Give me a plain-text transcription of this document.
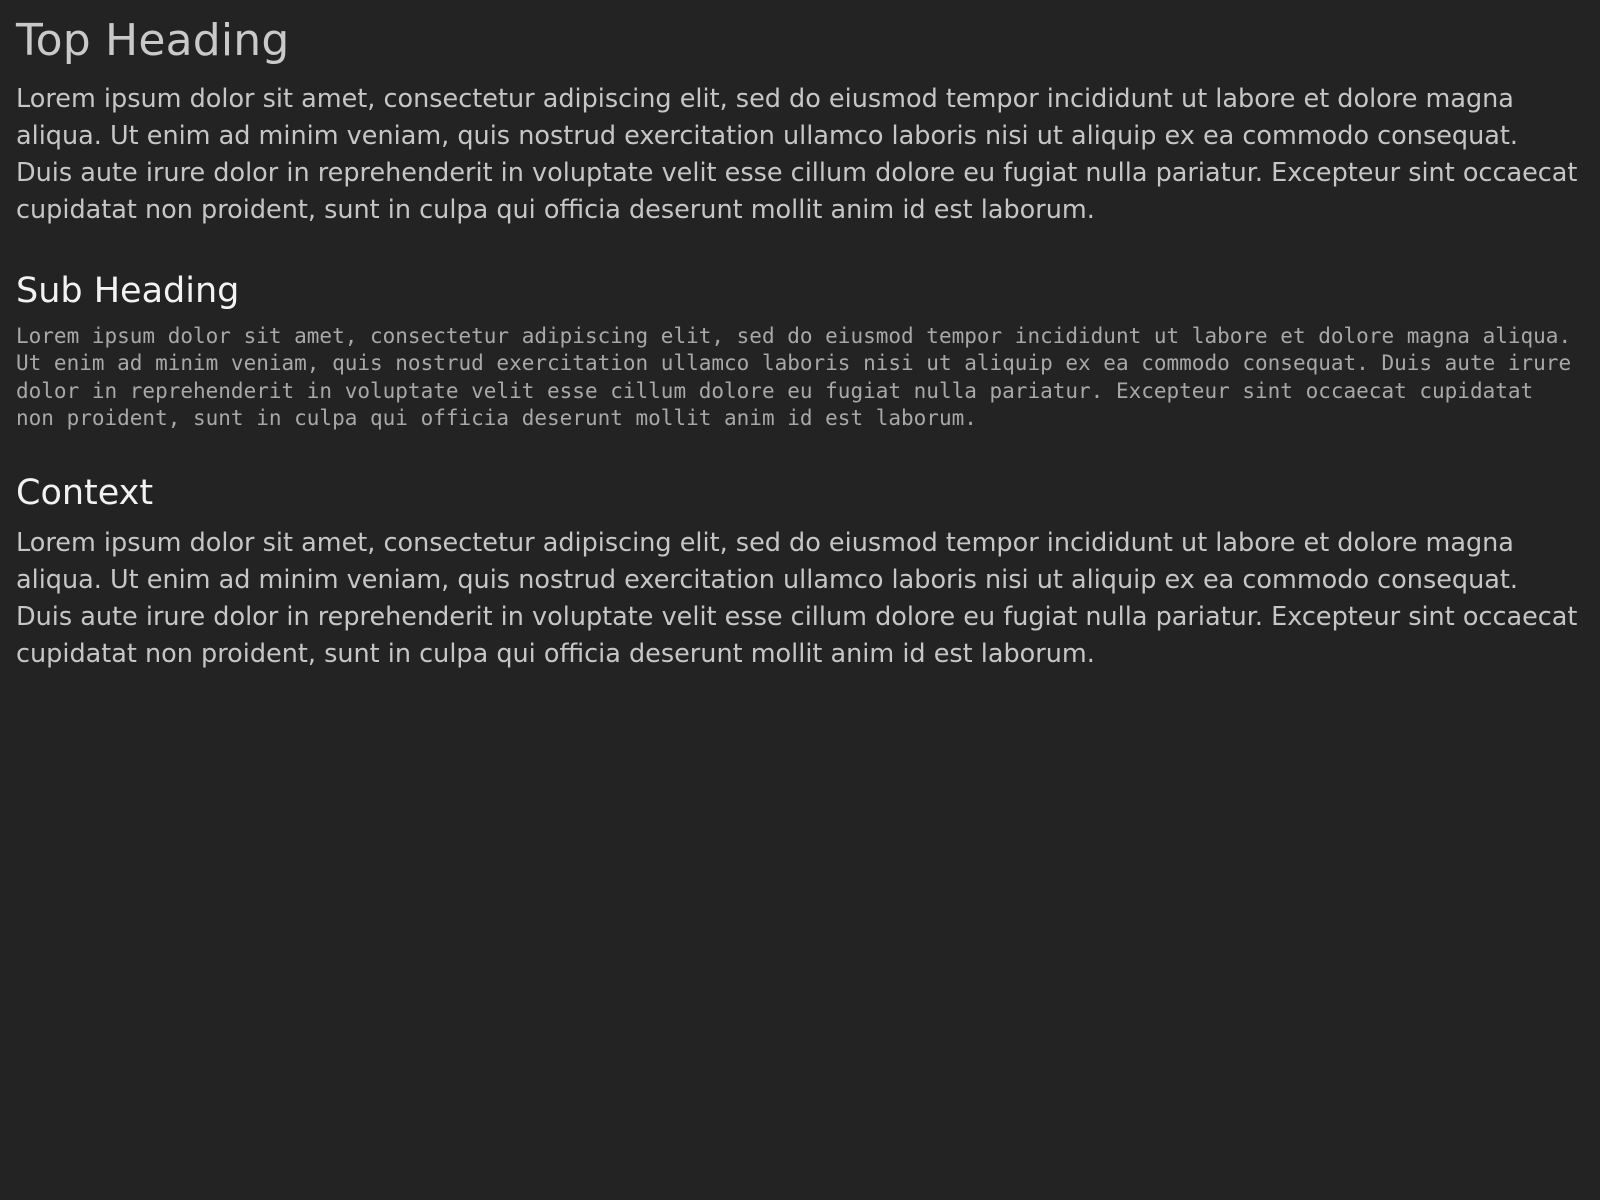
Top Heading

Lorem ipsum dolor sit amet, consectetur adipiscing elit, sed do eiusmod tempor incididunt ut labore et dolore magna aliqua. Ut enim ad minim veniam, quis nostrud exercitation ullamco laboris nisi ut aliquip ex ea commodo consequat. Duis aute irure dolor in reprehenderit in voluptate velit esse cillum dolore eu fugiat nulla pariatur. Excepteur sint occaecat cupidatat non proident, sunt in culpa qui officia deserunt mollit anim id est laborum.

Sub Heading
Lorem ipsum dolor sit amet, consectetur adipiscing elit, sed do eiusmod tempor incididunt ut labore et dolore magna aliqua. Ut enim ad minim veniam, quis nostrud exercitation ullamco laboris nisi ut aliquip ex ea commodo consequat. Duis aute irure dolor in reprehenderit in voluptate velit esse cillum dolore eu fugiat nulla pariatur. Excepteur sint occaecat cupidatat non proident, sunt in culpa qui officia deserunt mollit anim id est laborum.
Context

Lorem ipsum dolor sit amet, consectetur adipiscing elit, sed do eiusmod tempor incididunt ut labore et dolore magna aliqua. Ut enim ad minim veniam, quis nostrud exercitation ullamco laboris nisi ut aliquip ex ea commodo consequat. Duis aute irure dolor in reprehenderit in voluptate velit esse cillum dolore eu fugiat nulla pariatur. Excepteur sint occaecat cupidatat non proident, sunt in culpa qui officia deserunt mollit anim id est laborum.
